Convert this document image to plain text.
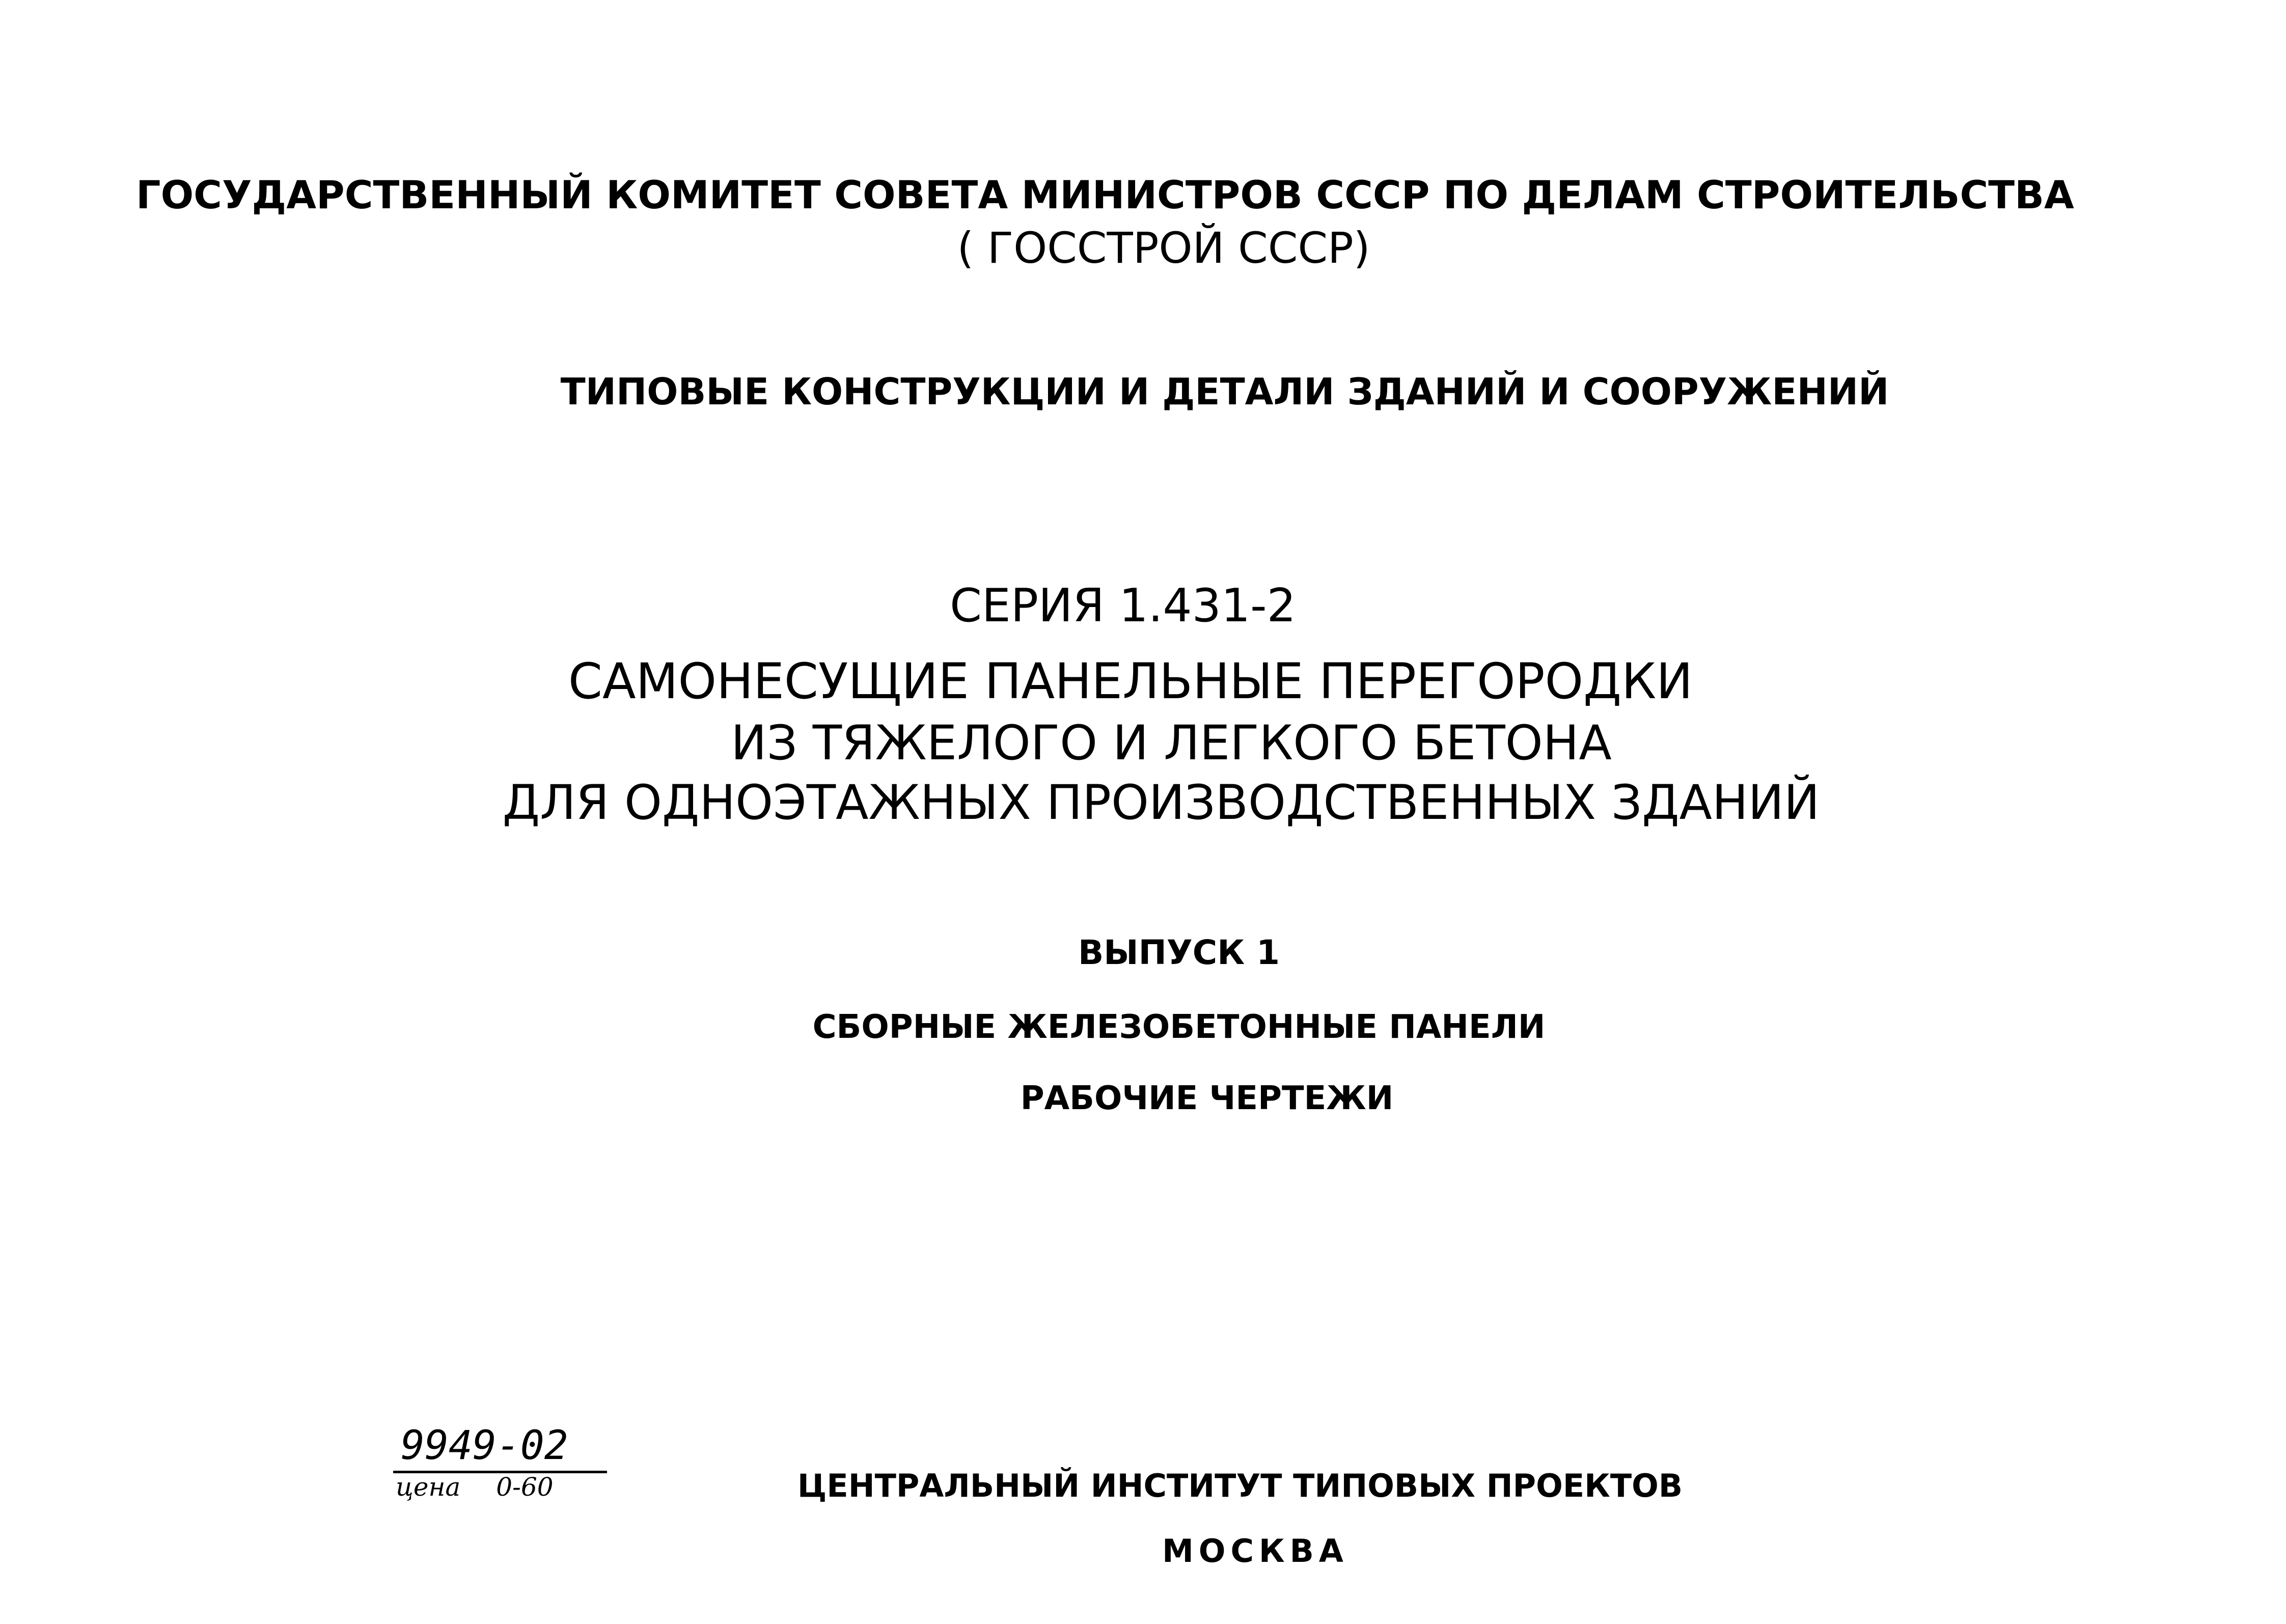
ГОСУДАРСТВЕННЫЙ КОМИТЕТ СОВЕТА МИНИСТРОВ СССР ПО ДЕЛАМ СТРОИТЕЛЬСТВА
( ГОССТРОЙ СССР)
ТИПОВЫЕ КОНСТРУКЦИИ И ДЕТАЛИ ЗДАНИЙ И СООРУЖЕНИЙ
СЕРИЯ 1.431-2
САМОНЕСУЩИЕ ПАНЕЛЬНЫЕ ПЕРЕГОРОДКИ
ИЗ ТЯЖЕЛОГО И ЛЕГКОГО БЕТОНА
ДЛЯ ОДНОЭТАЖНЫХ ПРОИЗВОДСТВЕННЫХ ЗДАНИЙ
ВЫПУСК 1
СБОРНЫЕ ЖЕЛЕЗОБЕТОННЫЕ ПАНЕЛИ
РАБОЧИЕ ЧЕРТЕЖИ
9949-02
цена 0-60	ЦЕНТРАЛЬНЫЙ ИНСТИТУТ ТИПОВЫХ ПРОЕКТОВ
МОСКВА
